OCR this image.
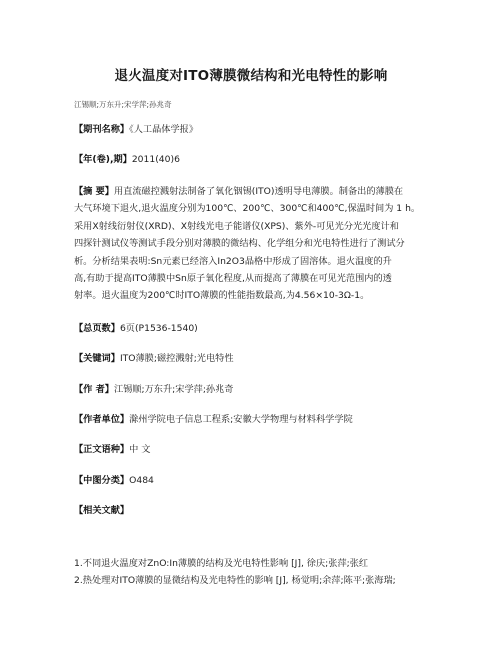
退火温度对ITO薄膜微结构和光电特性的影响
江锡顺;万东升;宋学萍;孙兆奇
【期刊名称】《人工晶体学报》
【年(卷),期】2011(40)6
【摘 要】用直流磁控溅射法制备了氧化铟锡(ITO)透明导电薄膜。制备出的薄膜在
大气环境下退火,退火温度分别为100℃、200℃、300℃和400℃,保温时间为 1 h。
采用X射线衍射仪(XRD)、X射线光电子能谱仪(XPS)、紫外-可见光分光光度计和
四探针测试仪等测试手段分别对薄膜的微结构、化学组分和光电特性进行了测试分
析。分析结果表明:Sn元素已经溶入In2O3晶格中形成了固溶体。退火温度的升
高,有助于提高ITO薄膜中Sn原子氧化程度,从而提高了薄膜在可见光范围内的透
射率。退火温度为200℃时ITO薄膜的性能指数最高,为4.56×10-3Ω-1。
【总页数】6页(P1536-1540)
【关键词】ITO薄膜;磁控溅射;光电特性
【作 者】江锡顺;万东升;宋学萍;孙兆奇
【作者单位】滁州学院电子信息工程系;安徽大学物理与材料科学学院
【正文语种】中 文
【中图分类】O484
【相关文献】
1.不同退火温度对ZnO:In薄膜的结构及光电特性影响 [J], 徐庆;张萍;张红
2.热处理对ITO薄膜的显微结构及光电特性的影响 [J], 杨觉明;余萍;陈平;张海瑞;
